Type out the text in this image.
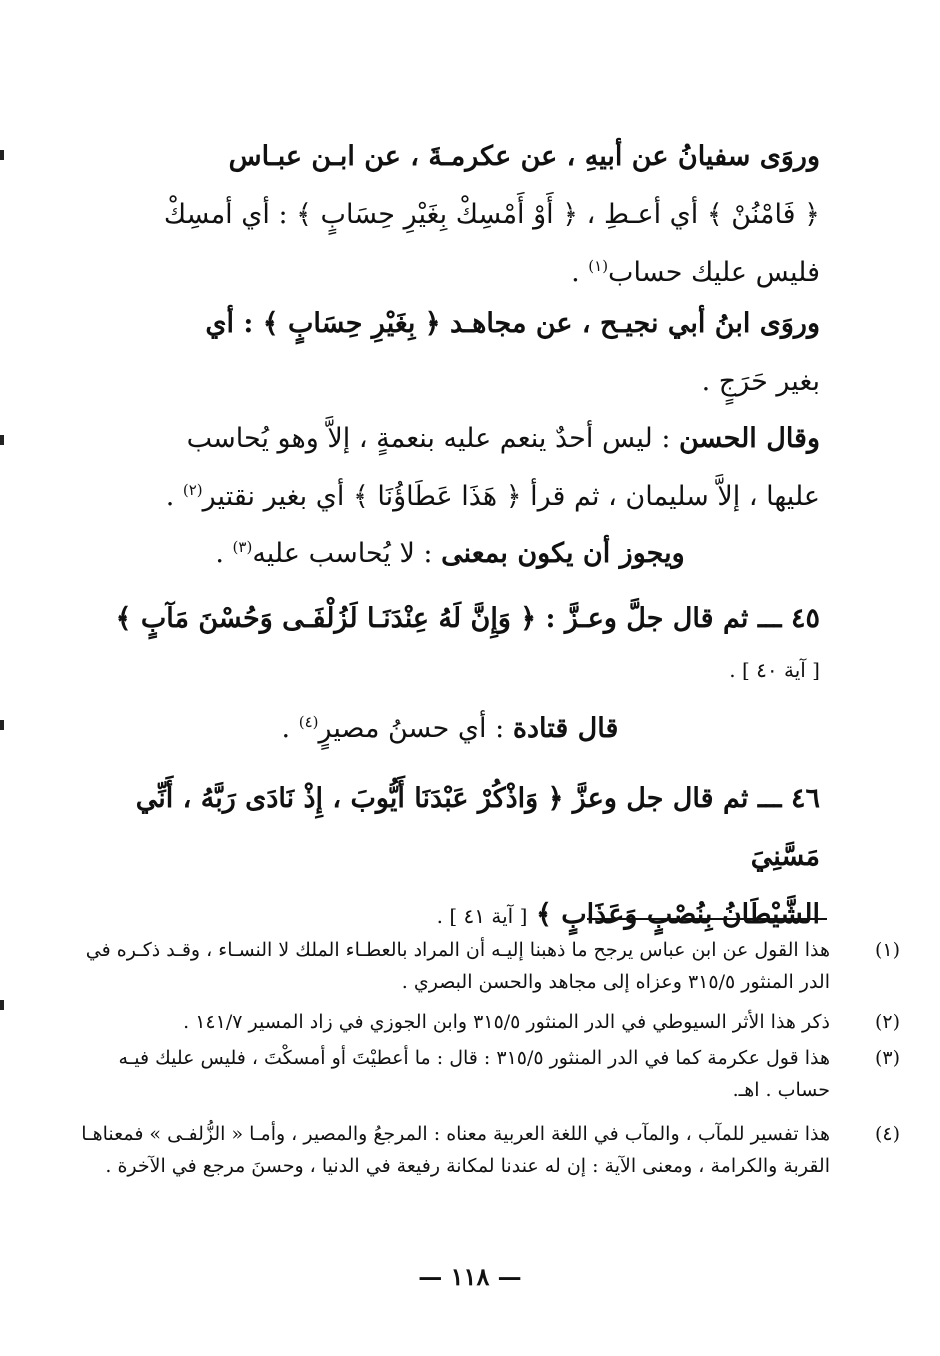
وروَى سفيانُ عن أبيهِ ، عن عكرمـةَ ، عن ابـن عبـاس
﴿ فَامْنُنْ ﴾ أي أعـطِ ، ﴿ أَوْ أَمْسِكْ بِغَيْرِ حِسَابٍ ﴾ : أي أمسِكْ
فليس عليك حساب$^{(١)}$ .
وروَى ابنُ أبي نجيـح ، عن مجاهـد ﴿ بِغَيْرِ حِسَابٍ ﴾ : أي
بغير حَرَجٍ .
وقال الحسن : ليس أحدٌ ينعم عليه بنعمةٍ ، إلاَّ وهو يُحاسب
عليها ، إلاَّ سليمان ، ثم قرأ ﴿ هَذَا عَطَاؤُنَا ﴾ أي بغير نقتير$^{(٢)}$ .
ويجوز أن يكون بمعنى : لا يُحاسب عليه$^{(٣)}$ .
٤٥ ـــ ثم قال جلَّ وعـزَّ : ﴿ وَإِنَّ لَهُ عِنْدَنَـا لَزُلْفَـى وَحُسْنَ مَآبٍ ﴾
[ آية ٤٠ ] .
قال قتادة : أي حسنُ مصيرٍ$^{(٤)}$ .
٤٦ ـــ ثم قال جل وعزَّ ﴿ وَاذْكُرْ عَبْدَنَا أَيُّوبَ ، إِذْ نَادَى رَبَّهُ ، أَنِّي مَسَّنِيَ
الشَّيْطَانُ بِنُصْبٍ وَعَذَابٍ ﴾ [ آية ٤١ ] .
(١)
هذا القول عن ابن عباس يرجح ما ذهبنا إليـه أن المراد بالعطـاء الملك لا النسـاء ، وقـد ذكـره في
الدر المنثور ٣١٥/٥ وعزاه إلى مجاهد والحسن البصري .
(٢)
ذكر هذا الأثر السيوطي في الدر المنثور ٣١٥/٥ وابن الجوزي في زاد المسير ١٤١/٧ .
(٣)
هذا قول عكرمة كما في الدر المنثور ٣١٥/٥ : قال : ما أعطيْتَ أو أمسكْتَ ، فليس عليك فيـه
حساب . اهـ.
(٤)
هذا تفسير للمآب ، والمآب في اللغة العربية معناه : المرجعُ والمصير ، وأمـا « الزُّلفـى » فمعناهـا
القربة والكرامة ، ومعنى الآية : إن له عندنا لمكانة رفيعة في الدنيا ، وحسنَ مرجع في الآخرة .
— ١١٨ —
